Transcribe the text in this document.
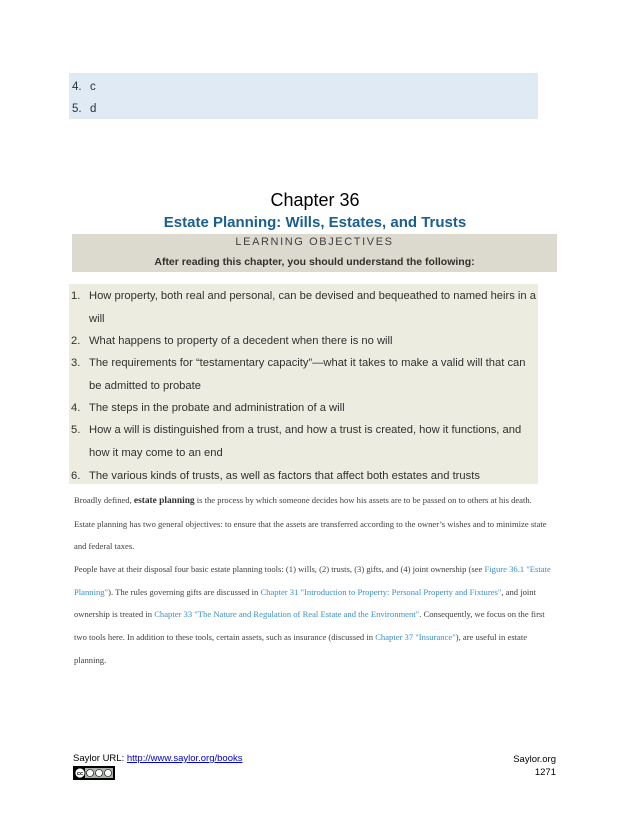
4. c
5. d
Chapter 36
Estate Planning: Wills, Estates, and Trusts
LEARNING OBJECTIVES
After reading this chapter, you should understand the following:
1. How property, both real and personal, can be devised and bequeathed to named heirs in a will
2. What happens to property of a decedent when there is no will
3. The requirements for “testamentary capacity”—what it takes to make a valid will that can be admitted to probate
4. The steps in the probate and administration of a will
5. How a will is distinguished from a trust, and how a trust is created, how it functions, and how it may come to an end
6. The various kinds of trusts, as well as factors that affect both estates and trusts
Broadly defined, estate planning is the process by which someone decides how his assets are to be passed on to others at his death. Estate planning has two general objectives: to ensure that the assets are transferred according to the owner’s wishes and to minimize state and federal taxes.
People have at their disposal four basic estate planning tools: (1) wills, (2) trusts, (3) gifts, and (4) joint ownership (see Figure 36.1 "Estate Planning"). The rules governing gifts are discussed in Chapter 31 "Introduction to Property: Personal Property and Fixtures", and joint ownership is treated in Chapter 33 "The Nature and Regulation of Real Estate and the Environment". Consequently, we focus on the first two tools here. In addition to these tools, certain assets, such as insurance (discussed in Chapter 37 "Insurance"), are useful in estate planning.
Saylor URL: http://www.saylor.org/books
cc
Saylor.org
1271
